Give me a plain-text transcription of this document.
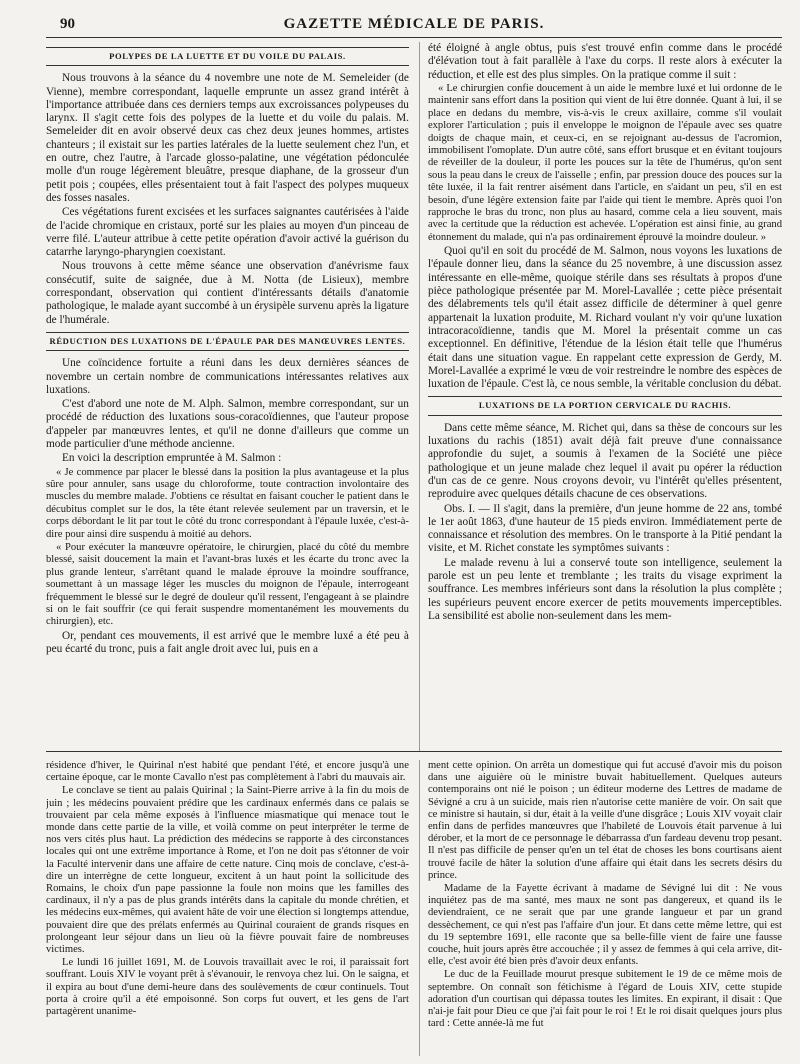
90	GAZETTE MÉDICALE DE PARIS.
POLYPES DE LA LUETTE ET DU VOILE DU PALAIS.

Nous trouvons à la séance du 4 novembre une note de M. Semeleider (de Vienne), membre correspondant, laquelle emprunte un assez grand intérêt à l'importance attribuée dans ces derniers temps aux excroissances polypeuses du larynx. Il s'agit cette fois des polypes de la luette et du voile du palais. M. Semeleider dit en avoir observé deux cas chez deux jeunes hommes, artistes chanteurs ; il existait sur les parties latérales de la luette seulement chez l'un, et en outre, chez l'autre, à l'arcade glosso-palatine, une végétation pédonculée molle d'un rouge légèrement bleuâtre, presque diaphane, de la grosseur d'un petit pois ; coupées, elles présentaient tout à fait l'aspect des polypes muqueux des fosses nasales.

Ces végétations furent excisées et les surfaces saignantes cautérisées à l'aide de l'acide chromique en cristaux, porté sur les plaies au moyen d'un pinceau de verre filé. L'auteur attribue à cette petite opération d'avoir activé la guérison du catarrhe laryngo-pharyngien coexistant.

Nous trouvons à cette même séance une observation d'anévrisme faux consécutif, suite de saignée, due à M. Notta (de Lisieux), membre correspondant, observation qui contient d'intéressants détails d'anatomie pathologique, le malade ayant succombé à un érysipèle survenu après la ligature de l'humérale.

RÉDUCTION DES LUXATIONS DE L'ÉPAULE PAR DES MANŒUVRES LENTES.

Une coïncidence fortuite a réuni dans les deux dernières séances de novembre un certain nombre de communications intéressantes relatives aux luxations.

C'est d'abord une note de M. Alph. Salmon, membre correspondant, sur un procédé de réduction des luxations sous-coracoïdiennes, que l'auteur propose d'appeler par manœuvres lentes, et qu'il ne donne d'ailleurs que comme un mode particulier d'une méthode ancienne.

En voici la description empruntée à M. Salmon :

« Je commence par placer le blessé dans la position la plus avantageuse et la plus sûre pour annuler, sans usage du chloroforme, toute contraction involontaire des muscles du membre malade. J'obtiens ce résultat en faisant coucher le patient dans le décubitus complet sur le dos, la tête étant relevée seulement par un traversin, et le corps débordant le lit par tout le côté du tronc correspondant à l'épaule luxée, c'est-à-dire pour ainsi dire suspendu à moitié au dehors.

« Pour exécuter la manœuvre opératoire, le chirurgien, placé du côté du membre blessé, saisit doucement la main et l'avant-bras luxés et les écarte du tronc avec la plus grande lenteur, s'arrêtant quand le malade éprouve la moindre souffrance, soumettant à un massage léger les muscles du moignon de l'épaule, interrogeant fréquemment le blessé sur le degré de douleur qu'il ressent, l'engageant à se plaindre si on le fait souffrir (ce qui ferait suspendre momentanément les mouvements du chirurgien), etc.

Or, pendant ces mouvements, il est arrivé que le membre luxé a été peu à peu écarté du tronc, puis a fait angle droit avec lui, puis en a

été éloigné à angle obtus, puis s'est trouvé enfin comme dans le procédé d'élévation tout à fait parallèle à l'axe du corps. Il reste alors à exécuter la réduction, et elle est des plus simples. On la pratique comme il suit :

« Le chirurgien confie doucement à un aide le membre luxé et lui ordonne de le maintenir sans effort dans la position qui vient de lui être donnée. Quant à lui, il se place en dedans du membre, vis-à-vis le creux axillaire, comme s'il voulait explorer l'articulation ; puis il enveloppe le moignon de l'épaule avec ses quatre doigts de chaque main, et ceux-ci, en se rejoignant au-dessus de l'acromion, immobilisent l'omoplate. D'un autre côté, sans effort brusque et en évitant toujours de réveiller de la douleur, il porte les pouces sur la tête de l'humérus, qu'on sent sous la peau dans le creux de l'aisselle ; enfin, par pression douce des pouces sur la tête luxée, il la fait rentrer aisément dans l'article, en s'aidant un peu, s'il en est besoin, d'une légère extension faite par l'aide qui tient le membre. Après quoi l'on rapproche le bras du tronc, non plus au hasard, comme cela a lieu souvent, mais avec la certitude que la réduction est achevée. L'opération est ainsi finie, au grand étonnement du malade, qui n'a pas ordinairement éprouvé la moindre douleur. »

Quoi qu'il en soit du procédé de M. Salmon, nous voyons les luxations de l'épaule donner lieu, dans la séance du 25 novembre, à une discussion assez intéressante en elle-même, quoique stérile dans ses résultats à propos d'une pièce pathologique présentée par M. Morel-Lavallée ; cette pièce présentait des délabrements tels qu'il était assez difficile de déterminer à quel genre appartenait la luxation produite, M. Richard voulant n'y voir qu'une luxation intracoracoïdienne, tandis que M. Morel la présentait comme un cas exceptionnel. En définitive, l'étendue de la lésion était telle que l'humérus était dans une situation vague. En rappelant cette expression de Gerdy, M. Morel-Lavallée a exprimé le vœu de voir restreindre le nombre des espèces de luxation de l'épaule. C'est là, ce nous semble, la véritable conclusion du débat.

LUXATIONS DE LA PORTION CERVICALE DU RACHIS.

Dans cette même séance, M. Richet qui, dans sa thèse de concours sur les luxations du rachis (1851) avait déjà fait preuve d'une connaissance approfondie du sujet, a soumis à l'examen de la Société une pièce pathologique et un jeune malade chez lequel il avait pu opérer la réduction d'un cas de ce genre. Nous croyons devoir, vu l'intérêt qu'elles présentent, reproduire avec quelques détails chacune de ces observations.

Obs. I. — Il s'agit, dans la première, d'un jeune homme de 22 ans, tombé le 1er août 1863, d'une hauteur de 15 pieds environ. Immédiatement perte de connaissance et résolution des membres. On le transporte à la Pitié pendant la visite, et M. Richet constate les symptômes suivants :

Le malade revenu à lui a conservé toute son intelligence, seulement la parole est un peu lente et tremblante ; les traits du visage expriment la souffrance. Les membres inférieurs sont dans la résolution la plus complète ; les supérieurs peuvent encore exercer de petits mouvements imperceptibles. La sensibilité est abolie non-seulement dans les mem-

résidence d'hiver, le Quirinal n'est habité que pendant l'été, et encore jusqu'à une certaine époque, car le monte Cavallo n'est pas complètement à l'abri du mauvais air.

Le conclave se tient au palais Quirinal ; la Saint-Pierre arrive à la fin du mois de juin ; les médecins pouvaient prédire que les cardinaux enfermés dans ce palais se trouvaient par cela même exposés à l'influence miasmatique qui menace tout le monde dans cette partie de la ville, et voilà comme on peut interpréter le terme de nos vers cités plus haut. La prédiction des médecins se rapporte à des circonstances locales qui ont une extrême importance à Rome, et l'on ne doit pas s'étonner de voir la Faculté intervenir dans une affaire de cette nature. Cinq mois de conclave, c'est-à-dire un interrègne de cette longueur, excitent à un haut point la sollicitude des Romains, le choix d'un pape passionne la foule non moins que les familles des cardinaux, il n'y a pas de plus grands intérêts dans la capitale du monde chrétien, et les médecins eux-mêmes, qui avaient hâte de voir une élection si longtemps attendue, pouvaient dire que des prélats enfermés au Quirinal couraient de grands risques en prolongeant leur séjour dans un lieu où la fièvre pouvait faire de nombreuses victimes.

Le lundi 16 juillet 1691, M. de Louvois travaillait avec le roi, il paraissait fort souffrant. Louis XIV le voyant prêt à s'évanouir, le renvoya chez lui. On le saigna, et il expira au bout d'une demi-heure dans des soulèvements de cœur continuels. Tout porta à croire qu'il a été empoisonné. Son corps fut ouvert, et les gens de l'art partagèrent unanime-

ment cette opinion. On arrêta un domestique qui fut accusé d'avoir mis du poison dans une aiguière où le ministre buvait habituellement. Quelques auteurs contemporains ont nié le poison ; un éditeur moderne des Lettres de madame de Sévigné a cru à un suicide, mais rien n'autorise cette manière de voir. On sait que ce ministre si hautain, si dur, était à la veille d'une disgrâce ; Louis XIV voyait clair enfin dans de perfides manœuvres que l'habileté de Louvois était parvenue à lui dérober, et la mort de ce personnage le débarrassa d'un fardeau devenu trop pesant. Il n'est pas difficile de penser qu'en un tel état de choses les bons courtisans aient trouvé facile de hâter la solution d'une affaire qui était dans les secrets désirs du prince.

Madame de la Fayette écrivant à madame de Sévigné lui dit : Ne vous inquiétez pas de ma santé, mes maux ne sont pas dangereux, et quand ils le deviendraient, ce ne serait que par une grande langueur et par un grand dessèchement, ce qui n'est pas l'affaire d'un jour. Et dans cette même lettre, qui est du 19 septembre 1691, elle raconte que sa belle-fille vient de faire une fausse couche, huit jours après être accouchée ; il y assez de femmes à qui cela arrive, dit-elle, c'est avoir été bien près d'avoir deux enfants.

Le duc de la Feuillade mourut presque subitement le 19 de ce même mois de septembre. On connaît son fétichisme à l'égard de Louis XIV, cette stupide adoration d'un courtisan qui dépassa toutes les limites. En expirant, il disait : Que n'ai-je fait pour Dieu ce que j'ai fait pour le roi ! Et le roi disait quelques jours plus tard : Cette année-là me fut
